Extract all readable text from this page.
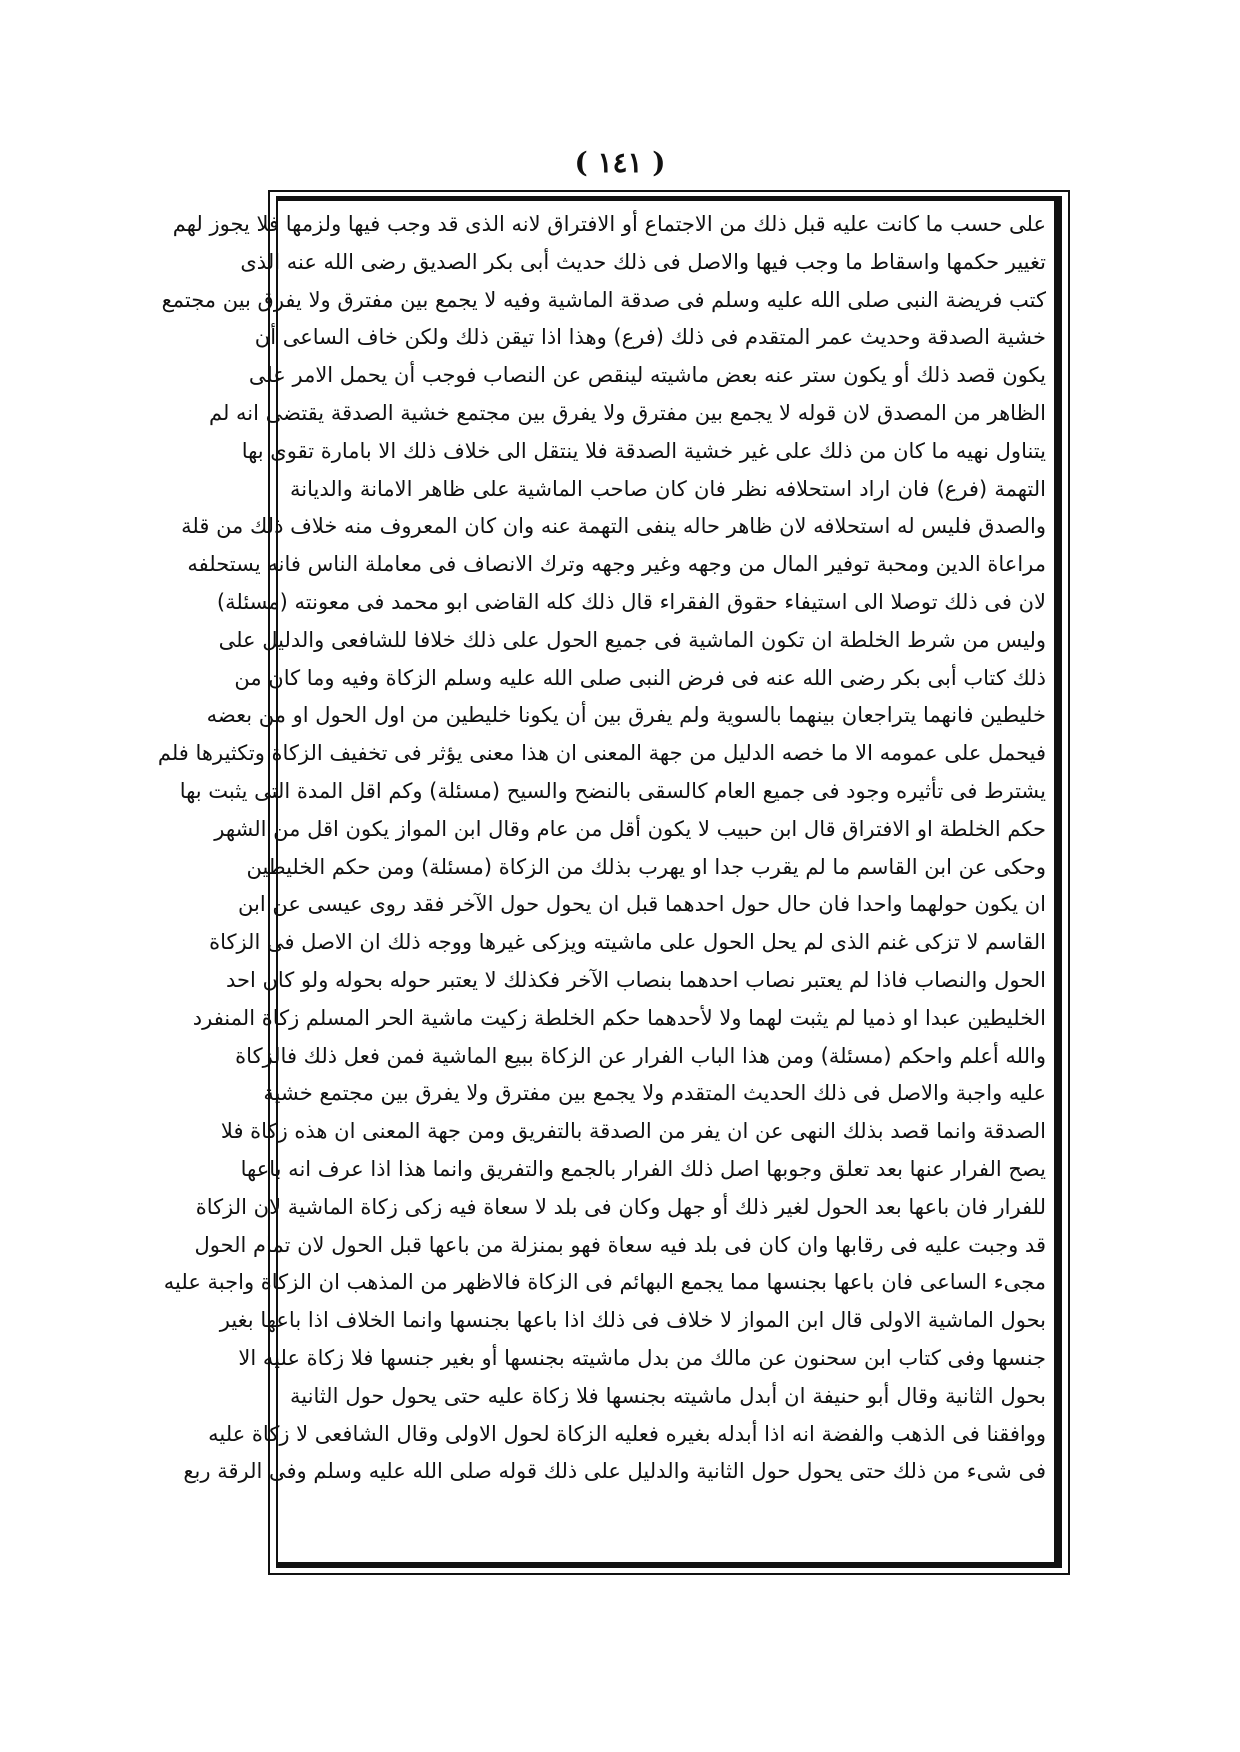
( ١٤١ )
على حسب ما كانت عليه قبل ذلك من الاجتماع أو الافتراق لانه الذى قد وجب فيها ولزمها فلا يجوز لهم
تغيير حكمها واسقاط ما وجب فيها والاصل فى ذلك حديث أبى بكر الصديق رضى الله عنه الذى
كتب فريضة النبى صلى الله عليه وسلم فى صدقة الماشية وفيه لا يجمع بين مفترق ولا يفرق بين مجتمع
خشية الصدقة وحديث عمر المتقدم فى ذلك (فرع) وهذا اذا تيقن ذلك ولكن خاف الساعى أن
يكون قصد ذلك أو يكون ستر عنه بعض ماشيته لينقص عن النصاب فوجب أن يحمل الامر على
الظاهر من المصدق لان قوله لا يجمع بين مفترق ولا يفرق بين مجتمع خشية الصدقة يقتضى انه لم
يتناول نهيه ما كان من ذلك على غير خشية الصدقة فلا ينتقل الى خلاف ذلك الا بامارة تقوى بها
التهمة (فرع) فان اراد استحلافه نظر فان كان صاحب الماشية على ظاهر الامانة والديانة
والصدق فليس له استحلافه لان ظاهر حاله ينفى التهمة عنه وان كان المعروف منه خلاف ذلك من قلة
مراعاة الدين ومحبة توفير المال من وجهه وغير وجهه وترك الانصاف فى معاملة الناس فانه يستحلفه
لان فى ذلك توصلا الى استيفاء حقوق الفقراء قال ذلك كله القاضى ابو محمد فى معونته (مسئلة)
وليس من شرط الخلطة ان تكون الماشية فى جميع الحول على ذلك خلافا للشافعى والدليل على
ذلك كتاب أبى بكر رضى الله عنه فى فرض النبى صلى الله عليه وسلم الزكاة وفيه وما كان من
خليطين فانهما يتراجعان بينهما بالسوية ولم يفرق بين أن يكونا خليطين من اول الحول او من بعضه
فيحمل على عمومه الا ما خصه الدليل من جهة المعنى ان هذا معنى يؤثر فى تخفيف الزكاة وتكثيرها فلم
يشترط فى تأثيره وجود فى جميع العام كالسقى بالنضح والسيح (مسئلة) وكم اقل المدة التى يثبت بها
حكم الخلطة او الافتراق قال ابن حبيب لا يكون أقل من عام وقال ابن المواز يكون اقل من الشهر
وحكى عن ابن القاسم ما لم يقرب جدا او يهرب بذلك من الزكاة (مسئلة) ومن حكم الخليطين
ان يكون حولهما واحدا فان حال حول احدهما قبل ان يحول حول الآخر فقد روى عيسى عن ابن
القاسم لا تزكى غنم الذى لم يحل الحول على ماشيته ويزكى غيرها ووجه ذلك ان الاصل فى الزكاة
الحول والنصاب فاذا لم يعتبر نصاب احدهما بنصاب الآخر فكذلك لا يعتبر حوله بحوله ولو كان احد
الخليطين عبدا او ذميا لم يثبت لهما ولا لأحدهما حكم الخلطة زكيت ماشية الحر المسلم زكاة المنفرد
والله أعلم واحكم (مسئلة) ومن هذا الباب الفرار عن الزكاة ببيع الماشية فمن فعل ذلك فالزكاة
عليه واجبة والاصل فى ذلك الحديث المتقدم ولا يجمع بين مفترق ولا يفرق بين مجتمع خشية
الصدقة وانما قصد بذلك النهى عن ان يفر من الصدقة بالتفريق ومن جهة المعنى ان هذه زكاة فلا
يصح الفرار عنها بعد تعلق وجوبها اصل ذلك الفرار بالجمع والتفريق وانما هذا اذا عرف انه باعها
للفرار فان باعها بعد الحول لغير ذلك أو جهل وكان فى بلد لا سعاة فيه زكى زكاة الماشية لان الزكاة
قد وجبت عليه فى رقابها وان كان فى بلد فيه سعاة فهو بمنزلة من باعها قبل الحول لان تمام الحول
مجىء الساعى فان باعها بجنسها مما يجمع البهائم فى الزكاة فالاظهر من المذهب ان الزكاة واجبة عليه
بحول الماشية الاولى قال ابن المواز لا خلاف فى ذلك اذا باعها بجنسها وانما الخلاف اذا باعها بغير
جنسها وفى كتاب ابن سحنون عن مالك من بدل ماشيته بجنسها أو بغير جنسها فلا زكاة عليه الا
بحول الثانية وقال أبو حنيفة ان أبدل ماشيته بجنسها فلا زكاة عليه حتى يحول حول الثانية
ووافقنا فى الذهب والفضة انه اذا أبدله بغيره فعليه الزكاة لحول الاولى وقال الشافعى لا زكاة عليه
فى شىء من ذلك حتى يحول حول الثانية والدليل على ذلك قوله صلى الله عليه وسلم وفى الرقة ربع
